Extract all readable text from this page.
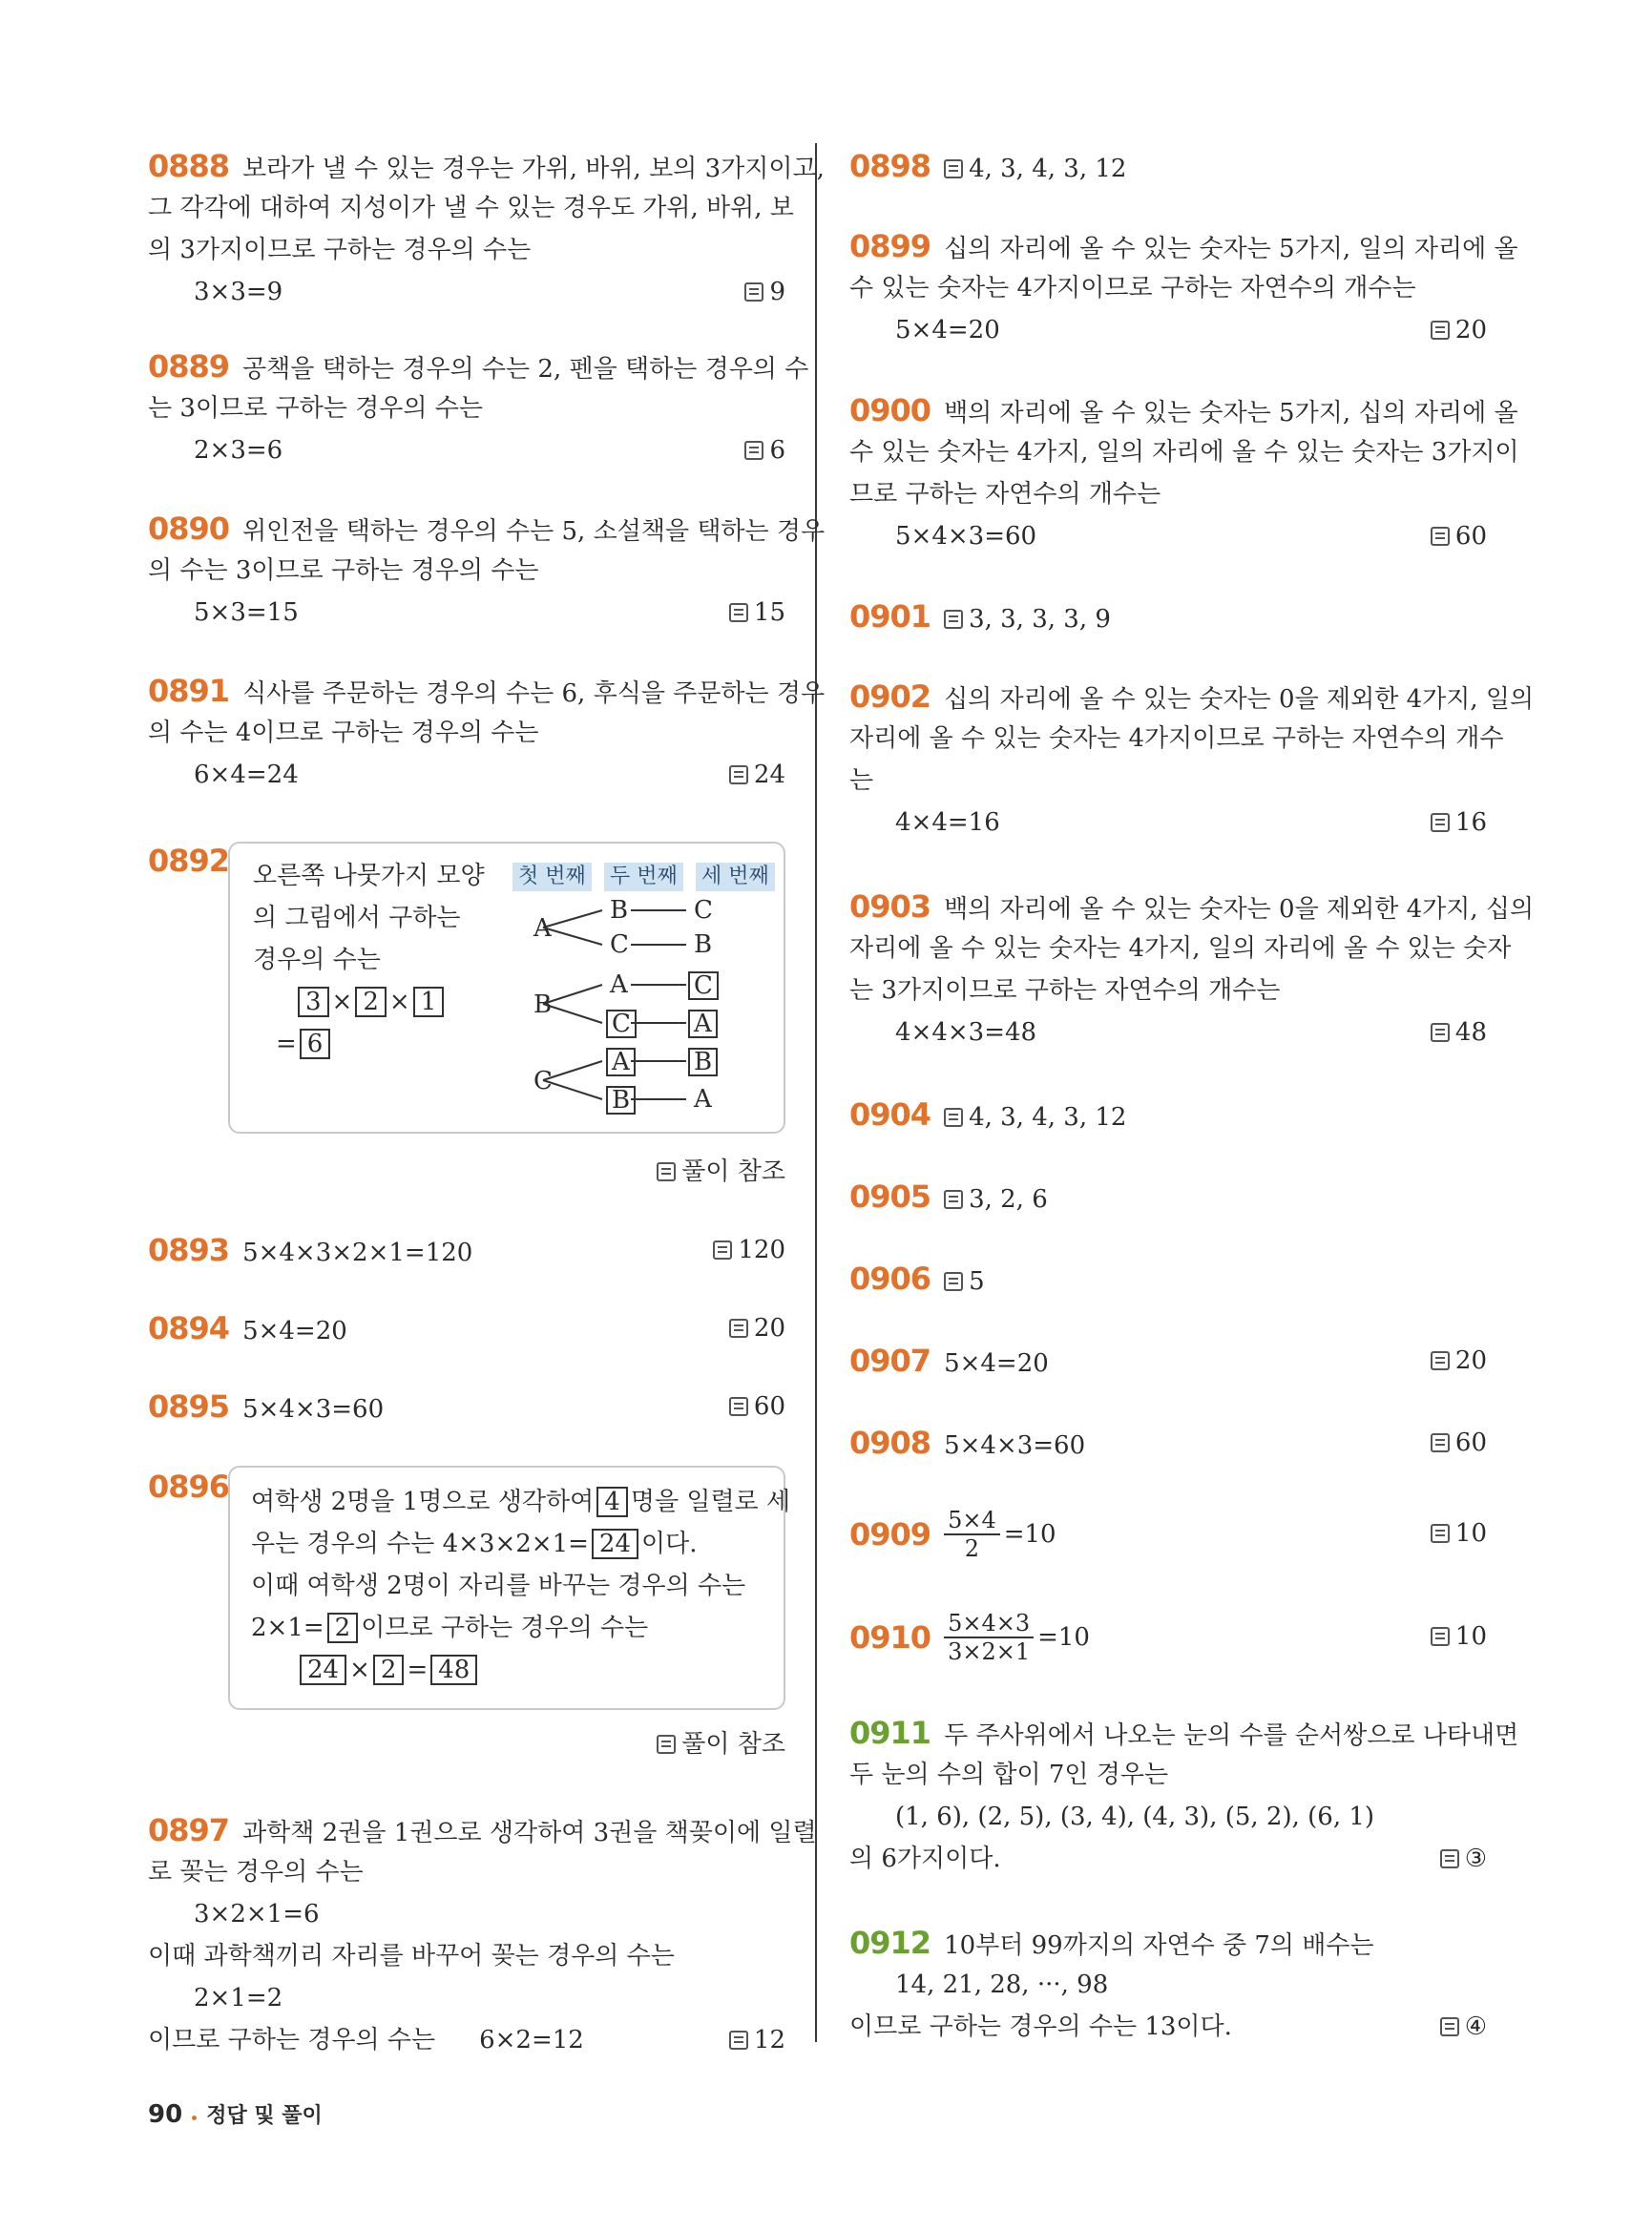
0888 보라가 낼 수 있는 경우는 가위, 바위, 보의 3가지이고,
그 각각에 대하여 지성이가 낼 수 있는 경우도 가위, 바위, 보
의 3가지이므로 구하는 경우의 수는
3×3=9	9
0889 공책을 택하는 경우의 수는 2, 펜을 택하는 경우의 수
는 3이므로 구하는 경우의 수는
2×3=6	6
0890 위인전을 택하는 경우의 수는 5, 소설책을 택하는 경우
의 수는 3이므로 구하는 경우의 수는
5×3=15	15
0891 식사를 주문하는 경우의 수는 6, 후식을 주문하는 경우
의 수는 4이므로 구하는 경우의 수는
6×4=24	24
0892 오른쪽 나뭇가지 모양
의 그림에서 구하는
경우의 수는
3 × 2 × 1
= 6
첫 번째 두 번째 세 번째
A
B	C
C	B
B
A	C
C	A
C
A	B
B	A
풀이 참조
0893 5×4×3×2×1=120	120
0894 5×4=20	20
0895 5×4×3=60	60
0896 여학생 2명을 1명으로 생각하여 4 명을 일렬로 세
우는 경우의 수는 4×3×2×1= 24 이다.
이때 여학생 2명이 자리를 바꾸는 경우의 수는
2×1= 2 이므로 구하는 경우의 수는
24 × 2 = 48
풀이 참조
0897 과학책 2권을 1권으로 생각하여 3권을 책꽂이에 일렬
로 꽂는 경우의 수는
3×2×1=6
이때 과학책끼리 자리를 바꾸어 꽂는 경우의 수는
2×1=2
이므로 구하는 경우의 수는 6×2=12	12
0898 4, 3, 4, 3, 12
0899 십의 자리에 올 수 있는 숫자는 5가지, 일의 자리에 올
수 있는 숫자는 4가지이므로 구하는 자연수의 개수는
5×4=20	20
0900 백의 자리에 올 수 있는 숫자는 5가지, 십의 자리에 올
수 있는 숫자는 4가지, 일의 자리에 올 수 있는 숫자는 3가지이
므로 구하는 자연수의 개수는
5×4×3=60	60
0901 3, 3, 3, 3, 9
0902 십의 자리에 올 수 있는 숫자는 0을 제외한 4가지, 일의
자리에 올 수 있는 숫자는 4가지이므로 구하는 자연수의 개수
는
4×4=16	16
0903 백의 자리에 올 수 있는 숫자는 0을 제외한 4가지, 십의
자리에 올 수 있는 숫자는 4가지, 일의 자리에 올 수 있는 숫자
는 3가지이므로 구하는 자연수의 개수는
4×4×3=48	48
0904 4, 3, 4, 3, 12
0905 3, 2, 6
0906 5
0907 5×4=20	20
0908 5×4×3=60	60
$0909 \frac{5\times 4}{2} =10$	10
$0910 \frac{5\times 4\times 3}{3\times 2\times 1} =10$	10
0911 두 주사위에서 나오는 눈의 수를 순서쌍으로 나타내면
두 눈의 수의 합이 7인 경우는
(1, 6), (2, 5), (3, 4), (4, 3), (5, 2), (6, 1)
의 6가지이다.	③
0912 10부터 99까지의 자연수 중 7의 배수는
14, 21, 28, ···, 98
이므로 구하는 경우의 수는 13이다.	④
90 정답 및 풀이
